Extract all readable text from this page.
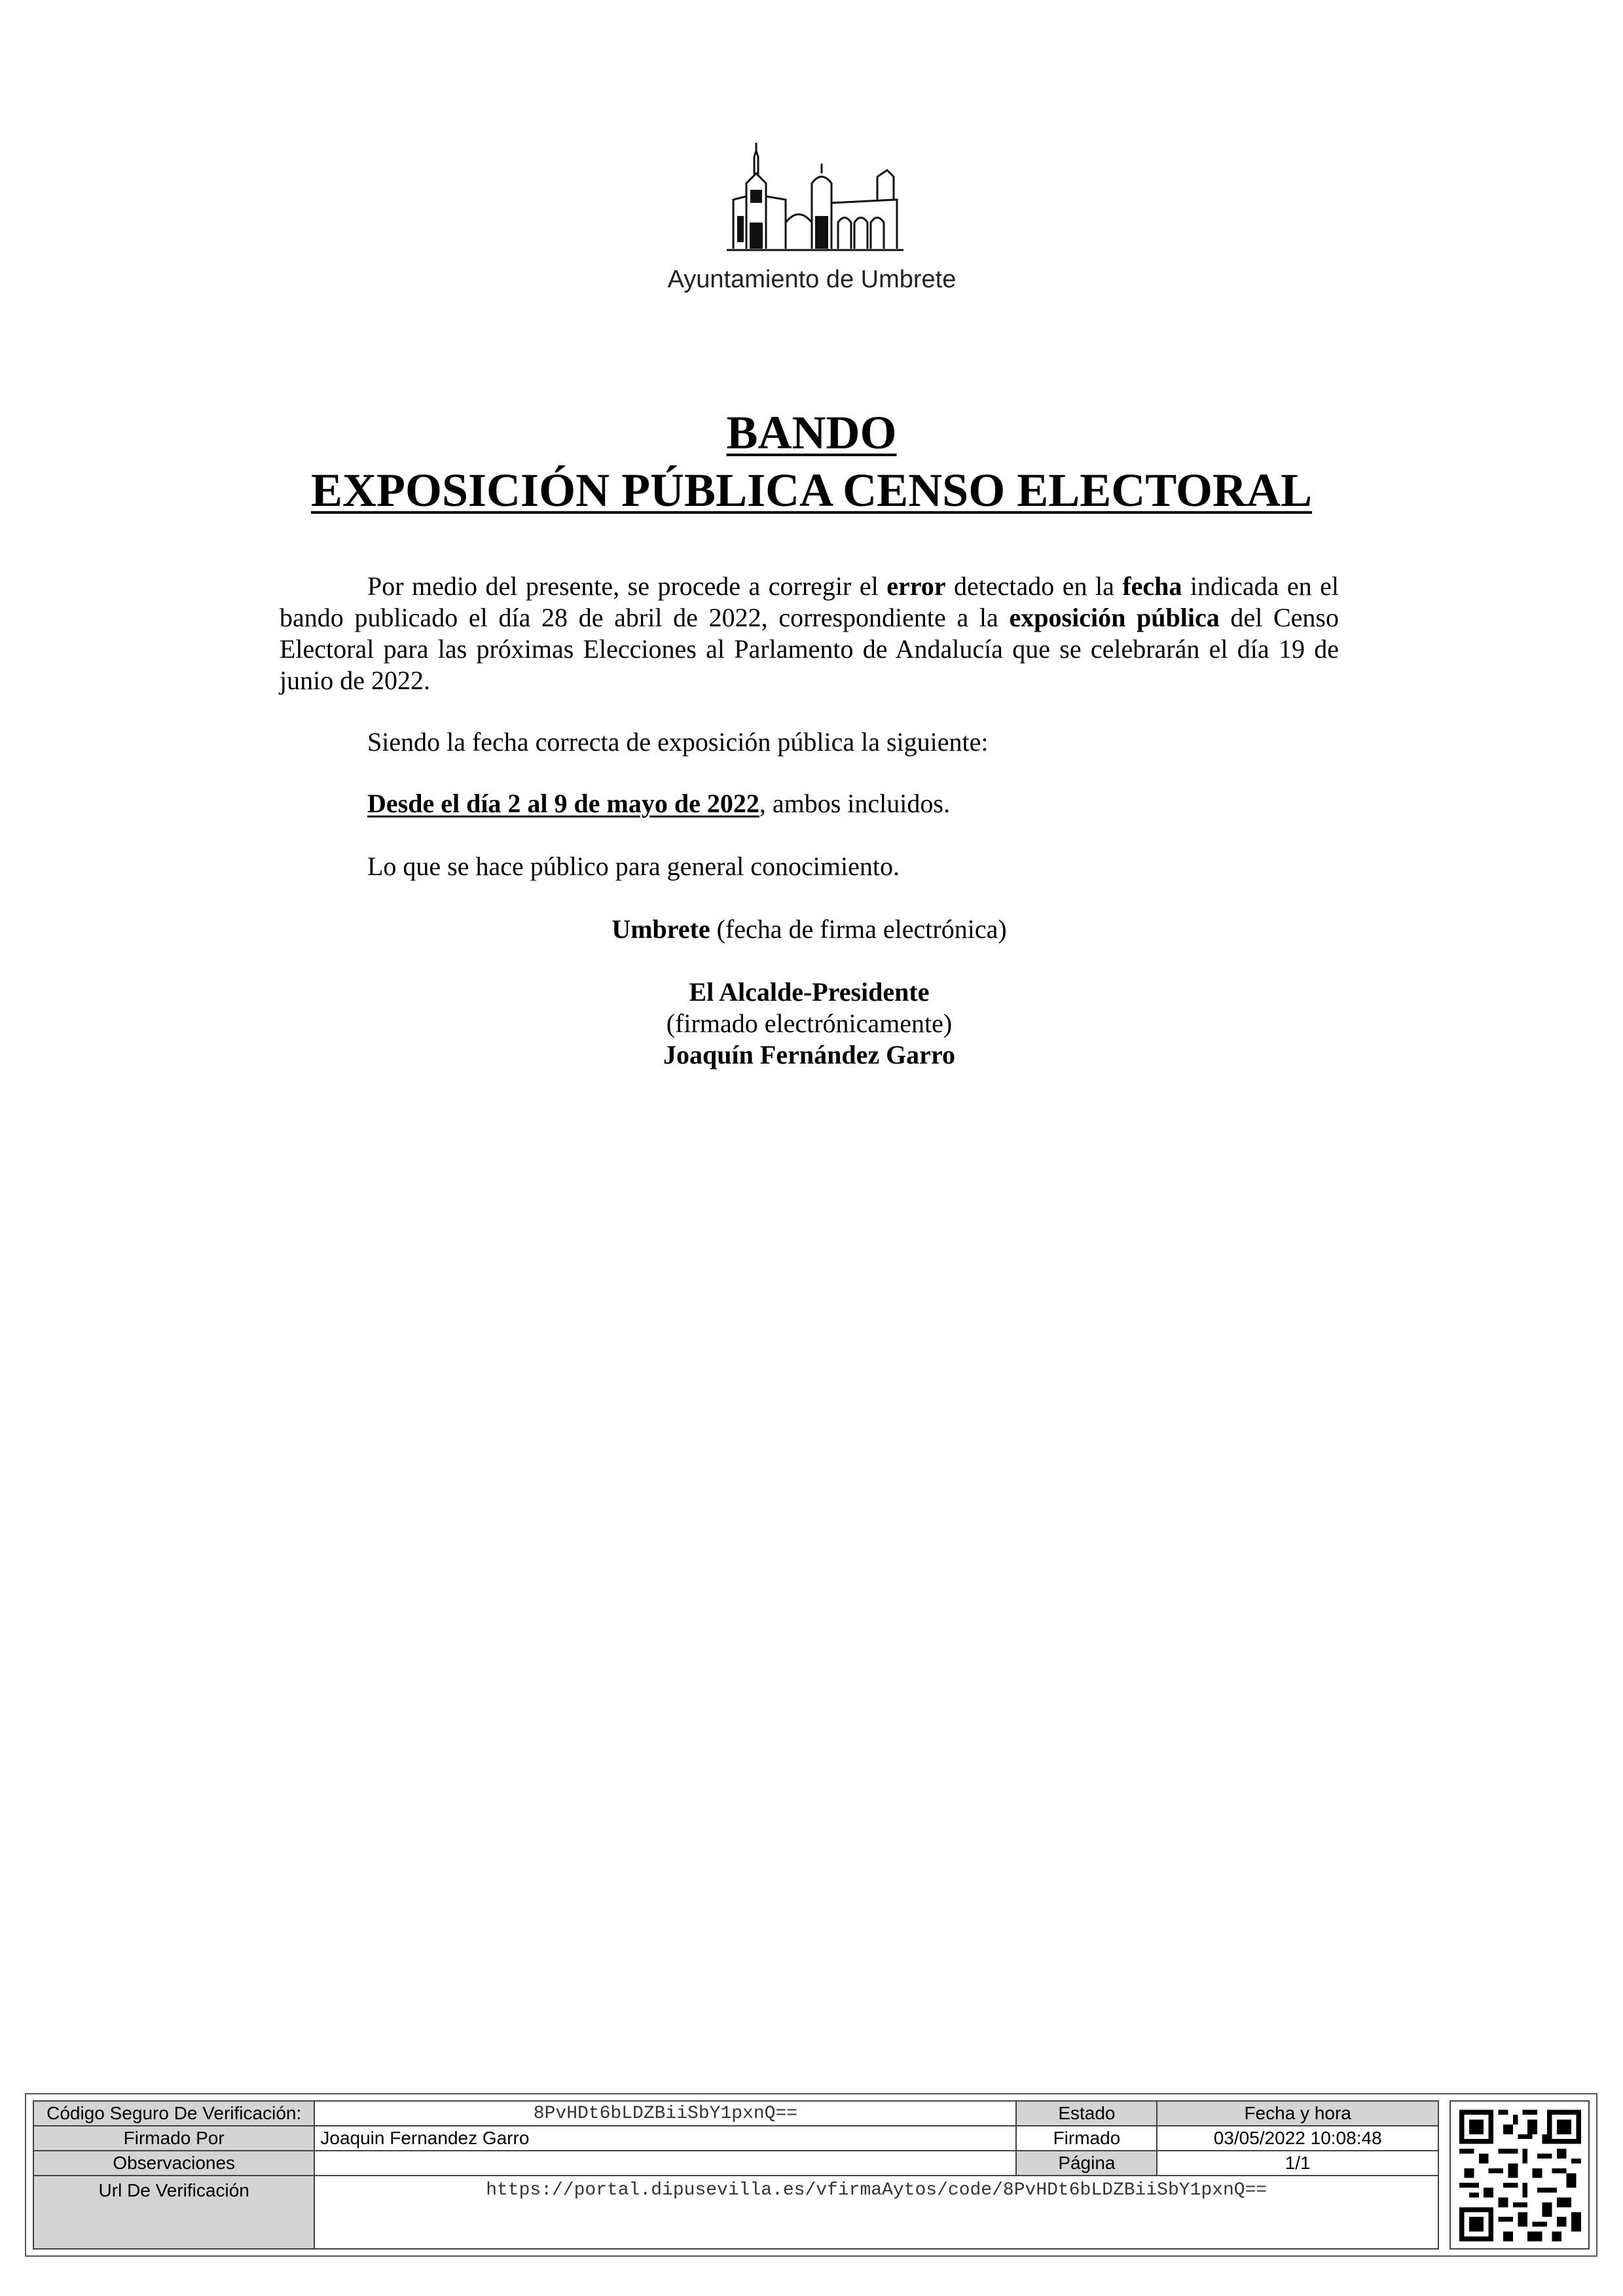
Ayuntamiento de Umbrete
BANDO
EXPOSICIÓN PÚBLICA CENSO ELECTORAL
Por medio del presente, se procede a corregir el error detectado en la fecha indicada en el bando publicado el día 28 de abril de 2022, correspondiente a la exposición pública del Censo Electoral para las próximas Elecciones al Parlamento de Andalucía que se celebrarán el día 19 de junio de 2022.
Siendo la fecha correcta de exposición pública la siguiente:
Desde el día 2 al 9 de mayo de 2022, ambos incluidos.
Lo que se hace público para general conocimiento.
Umbrete (fecha de firma electrónica)
El Alcalde-Presidente
(firmado electrónicamente)
Joaquín Fernández Garro
Código Seguro De Verificación:	8PvHDt6bLDZBiiSbY1pxnQ==	Estado	Fecha y hora
Firmado Por	Joaquin Fernandez Garro	Firmado	03/05/2022 10:08:48
Observaciones		Página	1/1
Url De Verificación	https://portal.dipusevilla.es/vfirmaAytos/code/8PvHDt6bLDZBiiSbY1pxnQ==		
